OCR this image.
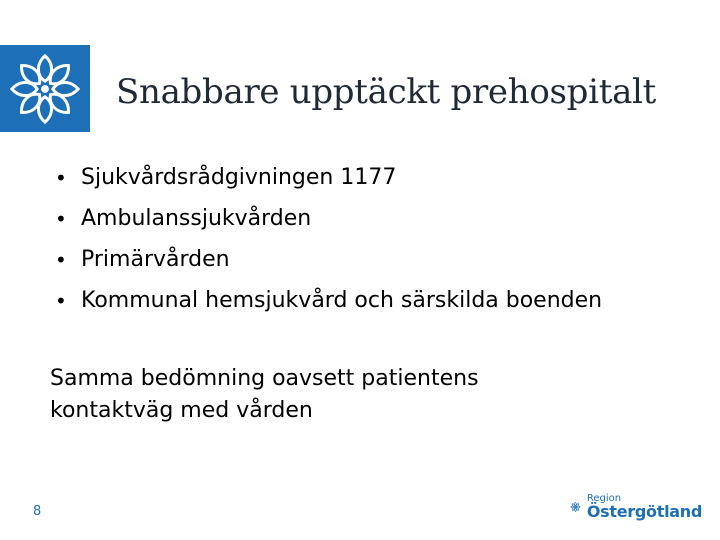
Snabbare upptäckt prehospitalt
• Sjukvårdsrådgivningen 1177
• Ambulanssjukvården
• Primärvården
• Kommunal hemsjukvård och särskilda boenden
Samma bedömning oavsett patientens
kontaktväg med vården
8
Region
Östergötland
